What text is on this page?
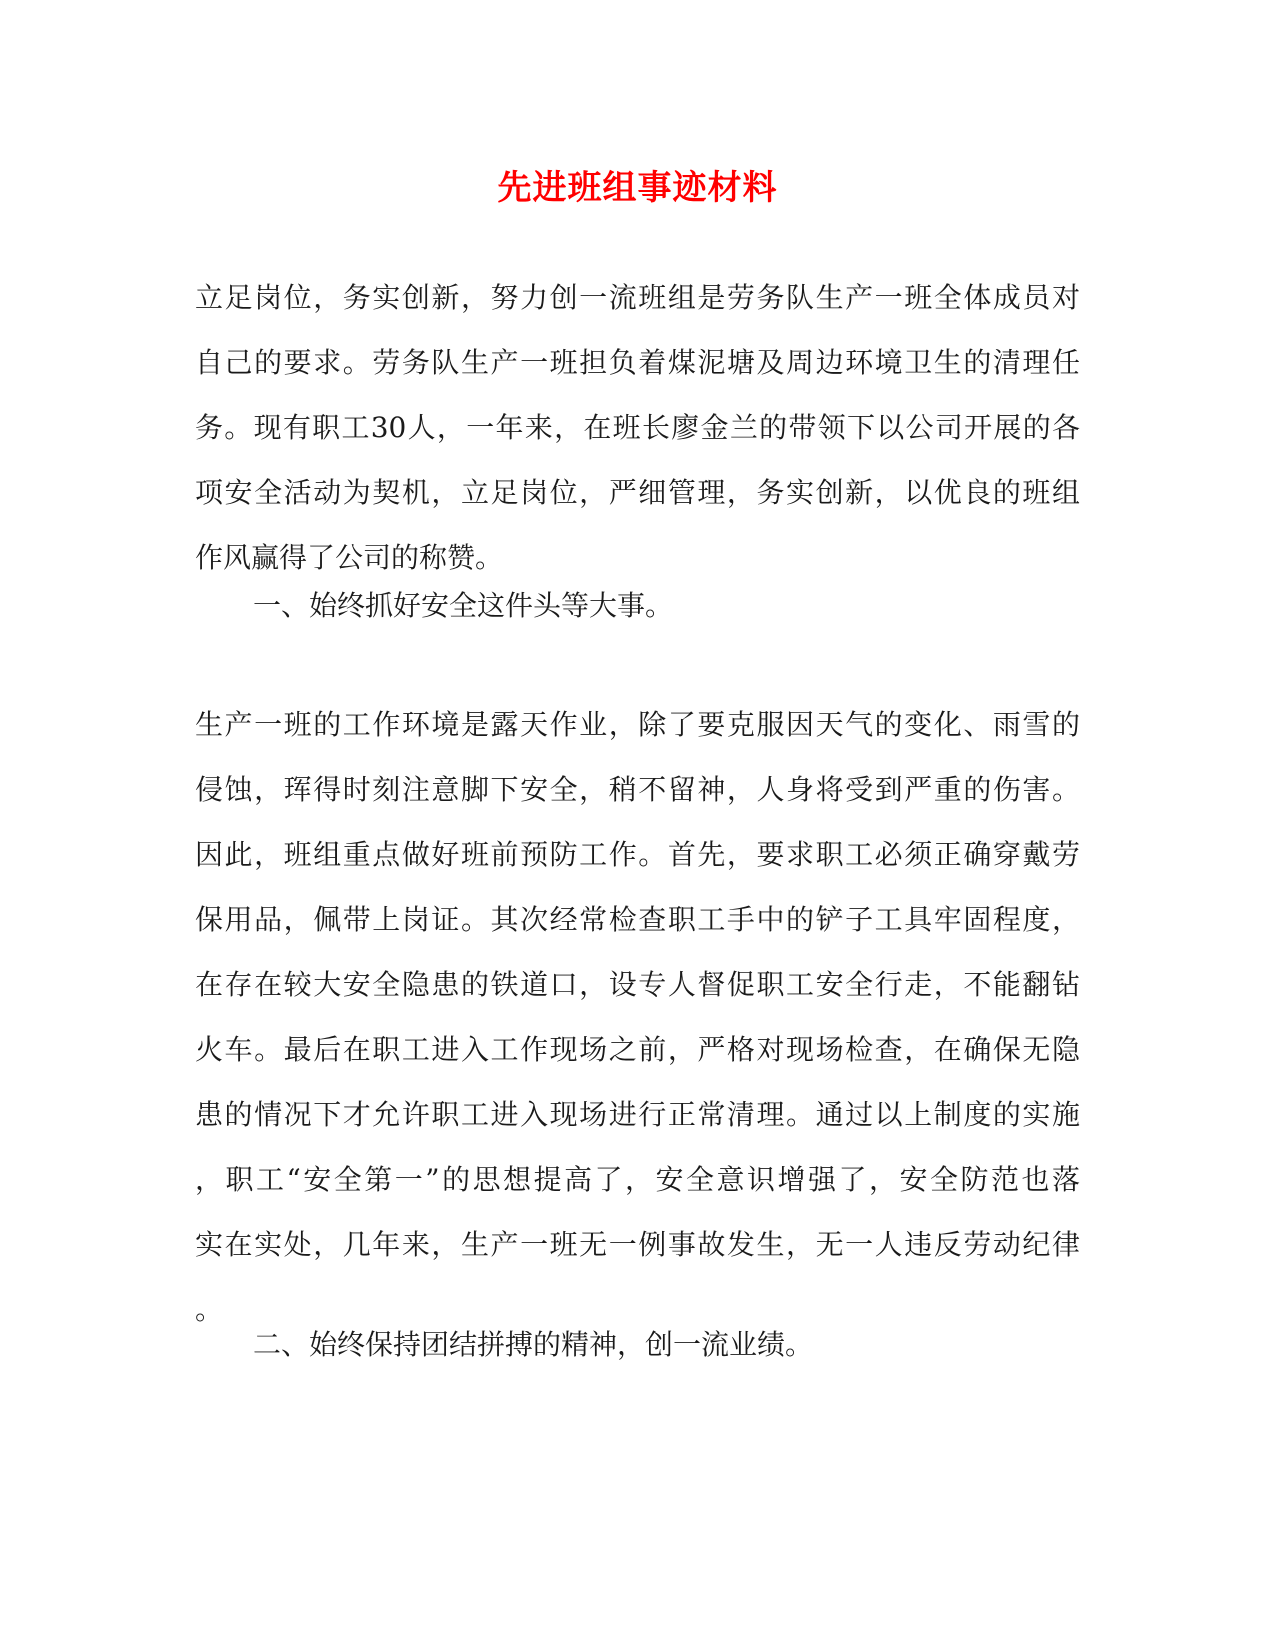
先进班组事迹材料
立足岗位，务实创新，努力创一流班组是劳务队生产一班全体成员对
自己的要求。劳务队生产一班担负着煤泥塘及周边环境卫生的清理任
务。现有职工30人，一年来，在班长廖金兰的带领下以公司开展的各
项安全活动为契机，立足岗位，严细管理，务实创新，以优良的班组
作风赢得了公司的称赞。
一、始终抓好安全这件头等大事。
生产一班的工作环境是露天作业，除了要克服因天气的变化、雨雪的
侵蚀，珲得时刻注意脚下安全，稍不留神，人身将受到严重的伤害。
因此，班组重点做好班前预防工作。首先，要求职工必须正确穿戴劳
保用品，佩带上岗证。其次经常检查职工手中的铲子工具牢固程度，
在存在较大安全隐患的铁道口，设专人督促职工安全行走，不能翻钻
火车。最后在职工进入工作现场之前，严格对现场检查，在确保无隐
患的情况下才允许职工进入现场进行正常清理。通过以上制度的实施
，职工“安全第一”的思想提高了，安全意识增强了，安全防范也落
实在实处，几年来，生产一班无一例事故发生，无一人违反劳动纪律
。
二、始终保持团结拼搏的精神，创一流业绩。
